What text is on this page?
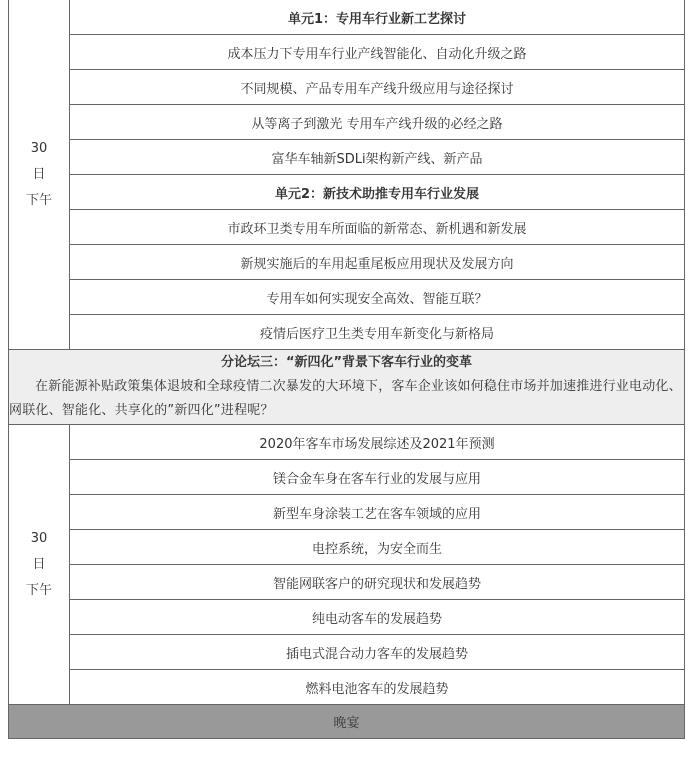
30
日
下午	单元1：专用车行业新工艺探讨
	成本压力下专用车行业产线智能化、自动化升级之路
	不同规模、产品专用车产线升级应用与途径探讨
	从等离子到激光 专用车产线升级的必经之路
	富华车轴新SDLi架构新产线、新产品
	单元2：新技术助推专用车行业发展
	市政环卫类专用车所面临的新常态、新机遇和新发展
	新规实施后的车用起重尾板应用现状及发展方向
	专用车如何实现安全高效、智能互联？
	疫情后医疗卫生类专用车新变化与新格局

分论坛三：“新四化”背景下客车行业的变革
在新能源补贴政策集体退坡和全球疫情二次暴发的大环境下，客车企业该如何稳住市场并加速推进行业电动化、网联化、智能化、共享化的”新四化”进程呢？	

30
日
下午	2020年客车市场发展综述及2021年预测
	镁合金车身在客车行业的发展与应用
	新型车身涂装工艺在客车领域的应用
	电控系统，为安全而生
	智能网联客户的研究现状和发展趋势
	纯电动客车的发展趋势
	插电式混合动力客车的发展趋势
	燃料电池客车的发展趋势
晚宴	
